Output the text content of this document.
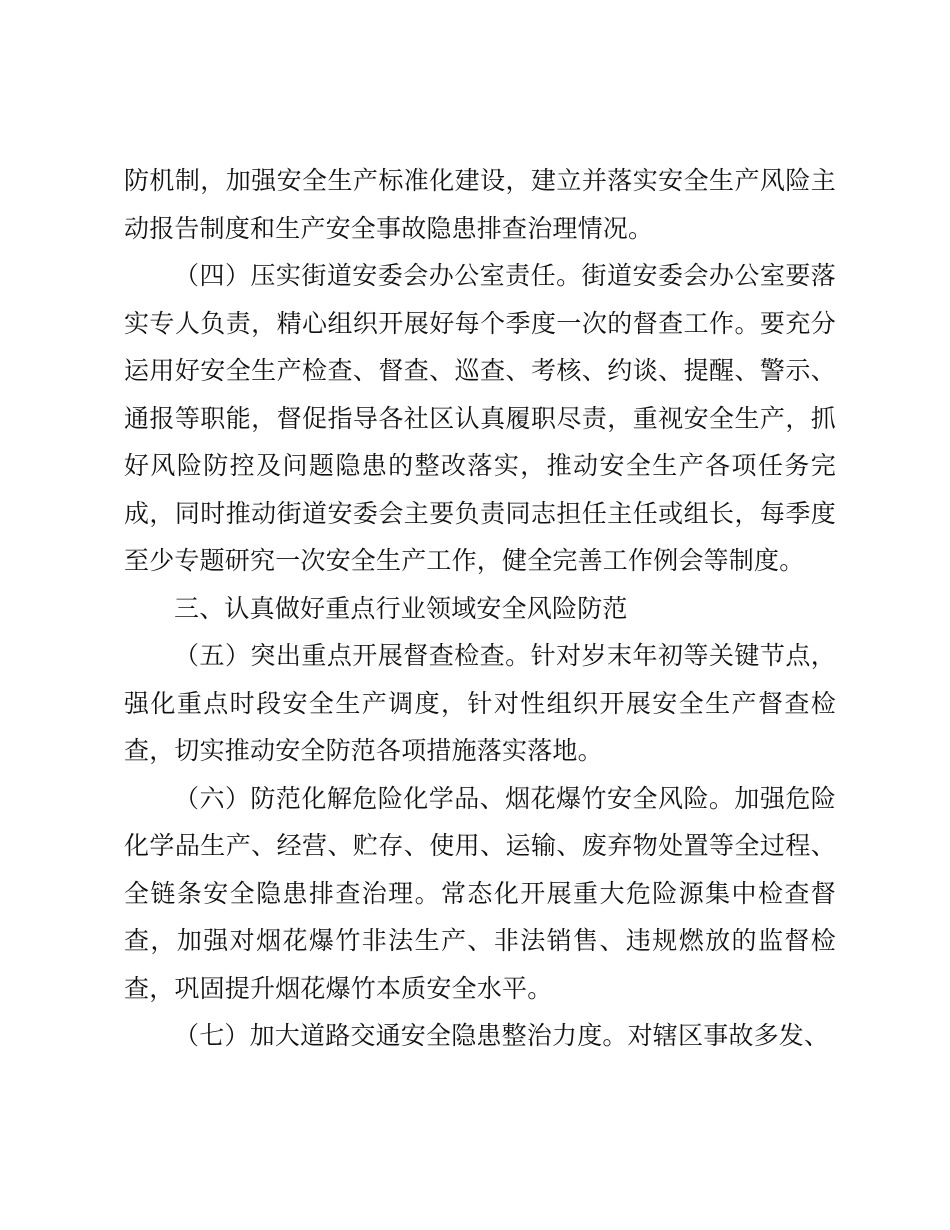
防机制，加强安全生产标准化建设，建立并落实安全生产风险主动报告制度和生产安全事故隐患排查治理情况。

（四）压实街道安委会办公室责任。街道安委会办公室要落实专人负责，精心组织开展好每个季度一次的督查工作。要充分运用好安全生产检查、督查、巡查、考核、约谈、提醒、警示、通报等职能，督促指导各社区认真履职尽责，重视安全生产，抓好风险防控及问题隐患的整改落实，推动安全生产各项任务完成，同时推动街道安委会主要负责同志担任主任或组长，每季度至少专题研究一次安全生产工作，健全完善工作例会等制度。

三、认真做好重点行业领域安全风险防范

（五）突出重点开展督查检查。针对岁末年初等关键节点，强化重点时段安全生产调度，针对性组织开展安全生产督查检查，切实推动安全防范各项措施落实落地。

（六）防范化解危险化学品、烟花爆竹安全风险。加强危险化学品生产、经营、贮存、使用、运输、废弃物处置等全过程、全链条安全隐患排查治理。常态化开展重大危险源集中检查督查，加强对烟花爆竹非法生产、非法销售、违规燃放的监督检查，巩固提升烟花爆竹本质安全水平。

（七）加大道路交通安全隐患整治力度。对辖区事故多发、
